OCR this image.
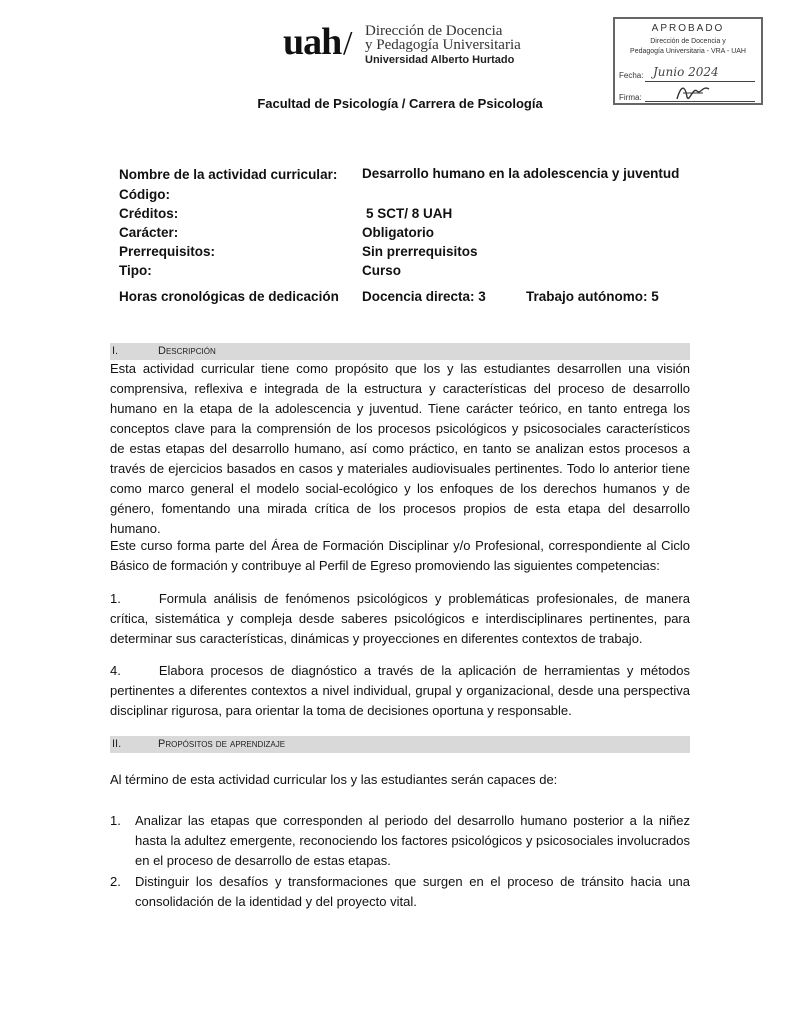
uah / Dirección de Docencia
y Pedagogía Universitaria
Universidad Alberto Hurtado
APROBADO
Dirección de Docencia y
Pedagogía Universitaria - VRA - UAH
Fecha: Junio 2024
Firma:
Facultad de Psicología / Carrera de Psicología
Nombre de la actividad curricular: Desarrollo humano en la adolescencia y juventud
Código:
Créditos:	5 SCT/ 8 UAH
Carácter:	Obligatorio
Prerrequisitos:	Sin prerrequisitos
Tipo:	Curso
Horas cronológicas de dedicación Docencia directa: 3	Trabajo autónomo: 5
I.	Descripción
Esta actividad curricular tiene como propósito que los y las estudiantes desarrollen una visión comprensiva, reflexiva e integrada de la estructura y características del proceso de desarrollo humano en la etapa de la adolescencia y juventud. Tiene carácter teórico, en tanto entrega los conceptos clave para la comprensión de los procesos psicológicos y psicosociales característicos de estas etapas del desarrollo humano, así como práctico, en tanto se analizan estos procesos a través de ejercicios basados en casos y materiales audiovisuales pertinentes. Todo lo anterior tiene como marco general el modelo social-ecológico y los enfoques de los derechos humanos y de género, fomentando una mirada crítica de los procesos propios de esta etapa del desarrollo humano.
Este curso forma parte del Área de Formación Disciplinar y/o Profesional, correspondiente al Ciclo Básico de formación y contribuye al Perfil de Egreso promoviendo las siguientes competencias:
1.	Formula análisis de fenómenos psicológicos y problemáticas profesionales, de manera crítica, sistemática y compleja desde saberes psicológicos e interdisciplinares pertinentes, para determinar sus características, dinámicas y proyecciones en diferentes contextos de trabajo.
4.	Elabora procesos de diagnóstico a través de la aplicación de herramientas y métodos pertinentes a diferentes contextos a nivel individual, grupal y organizacional, desde una perspectiva disciplinar rigurosa, para orientar la toma de decisiones oportuna y responsable.
II.	Propósitos de aprendizaje
Al término de esta actividad curricular los y las estudiantes serán capaces de:
1. Analizar las etapas que corresponden al periodo del desarrollo humano posterior a la niñez hasta la adultez emergente, reconociendo los factores psicológicos y psicosociales involucrados en el proceso de desarrollo de estas etapas.
2. Distinguir los desafíos y transformaciones que surgen en el proceso de tránsito hacia una consolidación de la identidad y del proyecto vital.
